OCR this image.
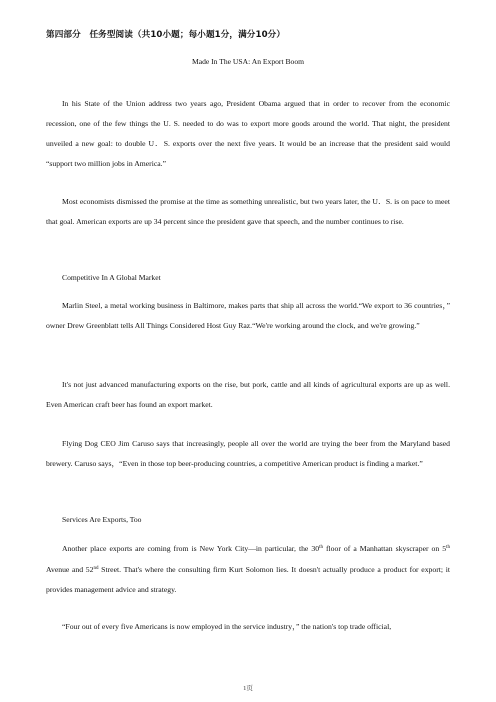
第四部分　任务型阅读（共10小题；每小题1分，满分10分）
Made In The USA: An Export Boom

In his State of the Union address two years ago, President Obama argued that in order to recover from the economic recession, one of the few things the U. S. needed to do was to export more goods around the world. That night, the president unveiled a new goal: to double U．S. exports over the next five years. It would be an increase that the president said would “support two million jobs in America.”

Most economists dismissed the promise at the time as something unrealistic, but two years later, the U．S. is on pace to meet that goal. American exports are up 34 percent since the president gave that speech, and the number continues to rise.

Competitive In A Global Market

Marlin Steel, a metal working business in Baltimore, makes parts that ship all across the world.“We export to 36 countries，” owner Drew Greenblatt tells All Things Considered Host Guy Raz.“We're working around the clock, and we're growing.”

It's not just advanced manufacturing exports on the rise, but pork, cattle and all kinds of agricultural exports are up as well. Even American craft beer has found an export market.

Flying Dog CEO Jim Caruso says that increasingly, people all over the world are trying the beer from the Maryland based brewery. Caruso says，“Even in those top beer-producing countries, a competitive American product is finding a market.”

Services Are Exports, Too

Another place exports are coming from is New York City—in particular, the 30th floor of a Manhattan skyscraper on 5th Avenue and 52nd Street. That's where the consulting firm Kurt Solomon lies. It doesn't actually produce a product for export; it provides management advice and strategy.

“Four out of every five Americans is now employed in the service industry，” the nation's top trade official,

1页
